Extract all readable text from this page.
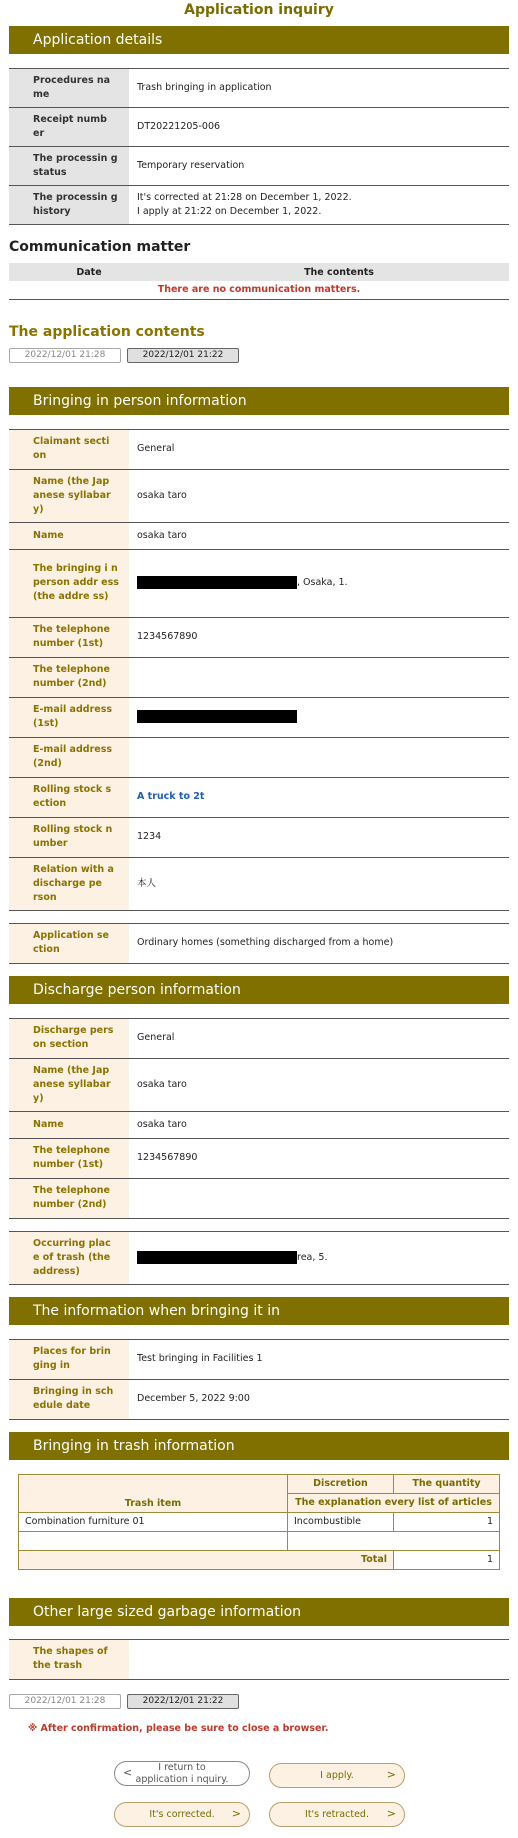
Application inquiry
Application details
Procedures na me	Trash bringing in application
Receipt numb er	DT20221205-006
The processin g status	Temporary reservation
The processin g history	It's corrected at 21:28 on December 1, 2022.
I apply at 21:22 on December 1, 2022.
Communication matter
Date	The contents
There are no communication matters.
The application contents
2022/12/01 21:28	2022/12/01 21:22
Bringing in person information
Claimant secti on	General
Name (the Jap anese syllabar y)	osaka taro
Name	osaka taro
The bringing i n person addr ess (the addre ss)	, Osaka, 1.
The telephone number (1st)	1234567890
The telephone number (2nd)	
E-mail address (1st)	
E-mail address (2nd)	
Rolling stock s ection	A truck to 2t
Rolling stock n umber	1234
Relation with a discharge pe rson	本人
Application se ction	Ordinary homes (something discharged from a home)
Discharge person information
Discharge pers on section	General
Name (the Jap anese syllabar y)	osaka taro
Name	osaka taro
The telephone number (1st)	1234567890
The telephone number (2nd)	
Occurring plac e of trash (the address)	rea, 5.
The information when bringing it in
Places for brin ging in	Test bringing in Facilities 1
Bringing in sch edule date	December 5, 2022 9:00
Bringing in trash information
Trash item	Discretion	The quantity
	The explanation every list of articles	
Combination furniture 01	Incombustible	1

Total		1
Other large sized garbage information
The shapes of the trash	
2022/12/01 21:28	2022/12/01 21:22
※ After confirmation, please be sure to close a browser.
<	I return to application i nquiry.	I apply.	>
It's corrected. >	It's retracted. >
